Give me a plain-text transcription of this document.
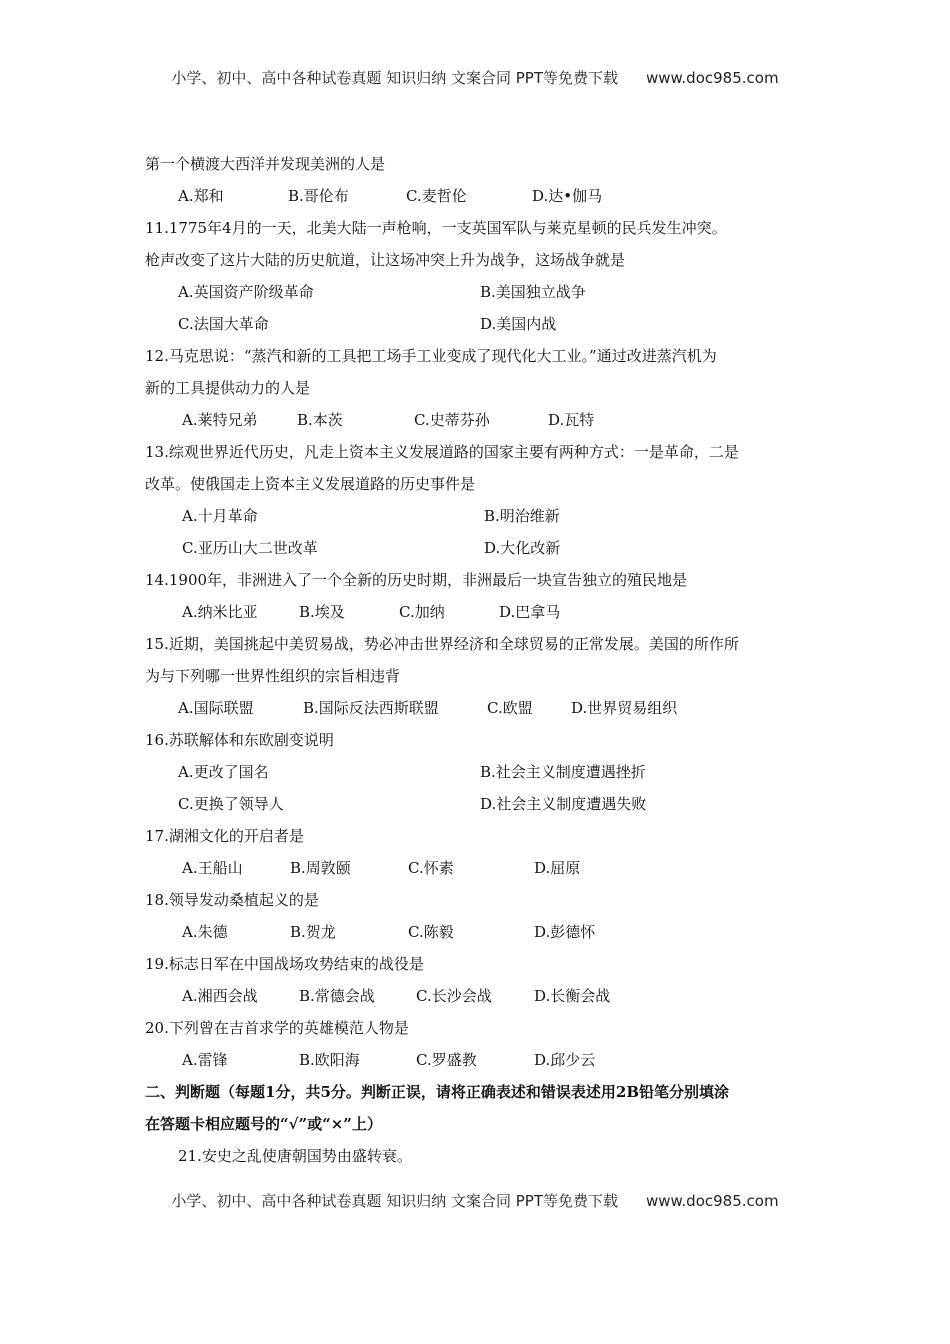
小学、初中、高中各种试卷真题 知识归纳 文案合同 PPT等免费下载 www.doc985.com
第一个横渡大西洋并发现美洲的人是
A.郑和	B.哥伦布	C.麦哲伦	D.达•伽马
11.1775年4月的一天，北美大陆一声枪响，一支英国军队与莱克星顿的民兵发生冲突。
枪声改变了这片大陆的历史航道，让这场冲突上升为战争，这场战争就是
A.英国资产阶级革命	B.美国独立战争
C.法国大革命	D.美国内战
12.马克思说：“蒸汽和新的工具把工场手工业变成了现代化大工业。”通过改进蒸汽机为
新的工具提供动力的人是
A.莱特兄弟	B.本茨	C.史蒂芬孙	D.瓦特
13.综观世界近代历史，凡走上资本主义发展道路的国家主要有两种方式：一是革命，二是
改革。使俄国走上资本主义发展道路的历史事件是
A.十月革命	B.明治维新
C.亚历山大二世改革	D.大化改新
14.1900年，非洲进入了一个全新的历史时期，非洲最后一块宣告独立的殖民地是
A.纳米比亚	B.埃及	C.加纳	D.巴拿马
15.近期，美国挑起中美贸易战，势必冲击世界经济和全球贸易的正常发展。美国的所作所
为与下列哪一世界性组织的宗旨相违背
A.国际联盟	B.国际反法西斯联盟	C.欧盟	D.世界贸易组织
16.苏联解体和东欧剧变说明
A.更改了国名	B.社会主义制度遭遇挫折
C.更换了领导人	D.社会主义制度遭遇失败
17.湖湘文化的开启者是
A.王船山	B.周敦颐	C.怀素	D.屈原
18.领导发动桑植起义的是
A.朱德	B.贺龙	C.陈毅	D.彭德怀
19.标志日军在中国战场攻势结束的战役是
A.湘西会战	B.常德会战	C.长沙会战	D.长衡会战
20.下列曾在吉首求学的英雄模范人物是
A.雷锋	B.欧阳海	C.罗盛教	D.邱少云
二、判断题（每题1分，共5分。判断正误，请将正确表述和错误表述用2B铅笔分别填涂
在答题卡相应题号的“√”或“×”上）
21.安史之乱使唐朝国势由盛转衰。
小学、初中、高中各种试卷真题 知识归纳 文案合同 PPT等免费下载 www.doc985.com
